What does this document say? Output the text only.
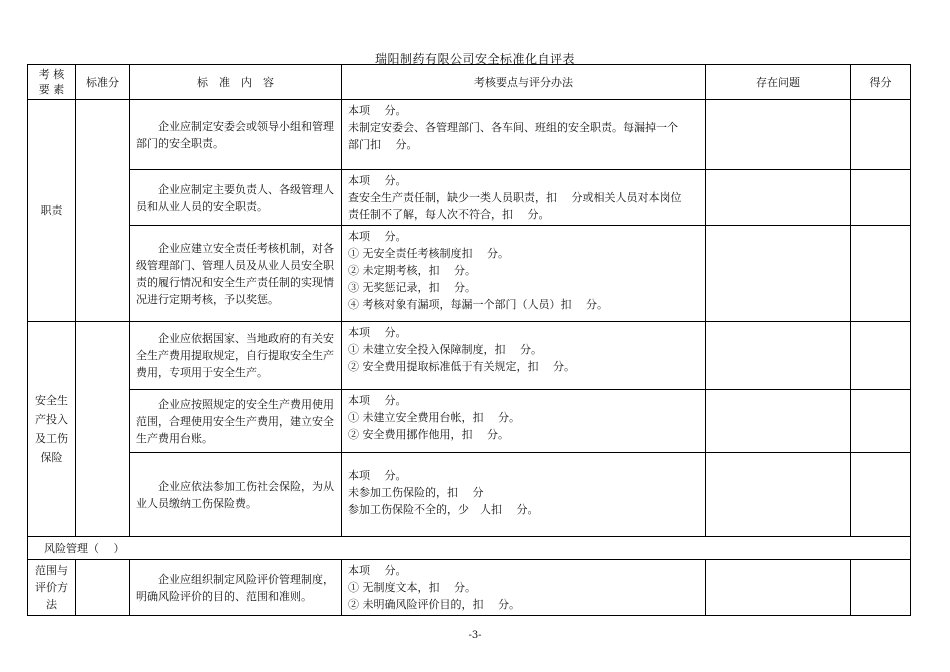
瑞阳制药有限公司安全标准化自评表
考 核
要 素	标准分	标　准　内　容	考核要点与评分办法	存在问题	得分
职责		企业应制定安委会或领导小组和管理部门的安全职责。	本项　 分。
未制定安委会、各管理部门、各车间、班组的安全职责。每漏掉一个
部门扣　 分。		

		企业应制定主要负责人、各级管理人员和从业人员的安全职责。	本项　 分。
查安全生产责任制，缺少一类人员职责，扣　 分或相关人员对本岗位
责任制不了解，每人次不符合，扣　 分。		

		企业应建立安全责任考核机制，对各级管理部门、管理人员及从业人员安全职责的履行情况和安全生产责任制的实现情况进行定期考核，予以奖惩。	本项　 分。
① 无安全责任考核制度扣　 分。
② 未定期考核，扣　 分。
③ 无奖惩记录，扣　 分。
④ 考核对象有漏项，每漏一个部门（人员）扣　 分。		

安全生产投入及工伤保险		企业应依据国家、当地政府的有关安全生产费用提取规定，自行提取安全生产费用，专项用于安全生产。	本项　 分。
① 未建立安全投入保障制度，扣　 分。
② 安全费用提取标准低于有关规定，扣　 分。		

		企业应按照规定的安全生产费用使用范围，合理使用安全生产费用，建立安全生产费用台账。	本项　 分。
① 未建立安全费用台帐，扣　 分。
② 安全费用挪作他用，扣　 分。		

		企业应依法参加工伤社会保险，为从业人员缴纳工伤保险费。	本项　 分。
未参加工伤保险的，扣　 分
参加工伤保险不全的，少　人扣　 分。		

风险管理（　 ）					
范围与评价方法		企业应组织制定风险评价管理制度，明确风险评价的目的、范围和准则。	本项　 分。
① 无制度文本，扣　 分。
② 未明确风险评价目的，扣　 分。		

-3-
